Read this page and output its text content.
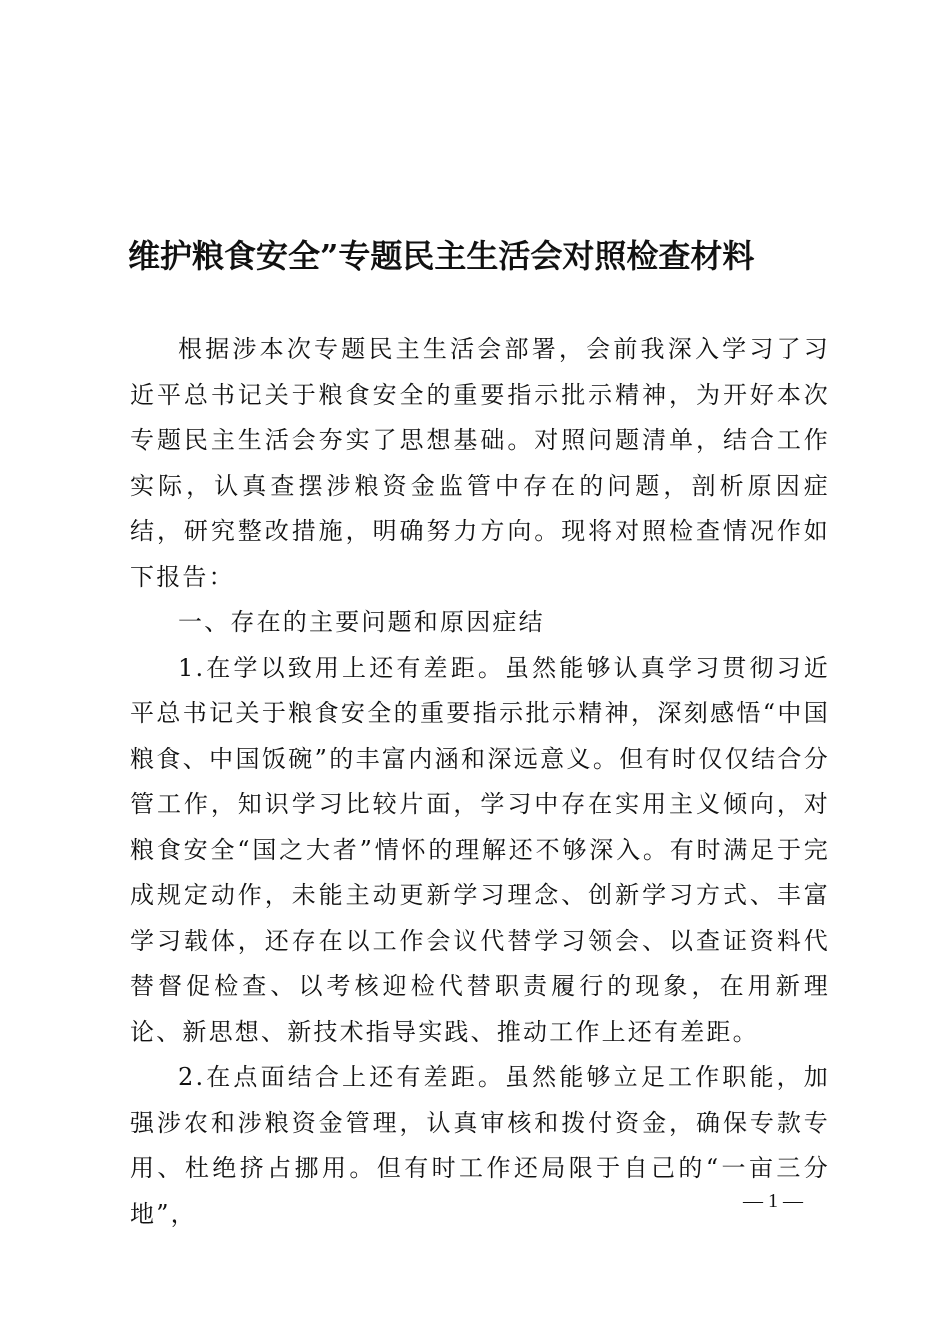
维护粮食安全”专题民主生活会对照检查材料

根据涉本次专题民主生活会部署，会前我深入学习了习近平总书记关于粮食安全的重要指示批示精神，为开好本次专题民主生活会夯实了思想基础。对照问题清单，结合工作实际，认真查摆涉粮资金监管中存在的问题，剖析原因症结，研究整改措施，明确努力方向。现将对照检查情况作如下报告：

一、存在的主要问题和原因症结

1.在学以致用上还有差距。虽然能够认真学习贯彻习近平总书记关于粮食安全的重要指示批示精神，深刻感悟“中国粮食、中国饭碗”的丰富内涵和深远意义。但有时仅仅结合分管工作，知识学习比较片面，学习中存在实用主义倾向，对粮食安全“国之大者”情怀的理解还不够深入。有时满足于完成规定动作，未能主动更新学习理念、创新学习方式、丰富学习载体，还存在以工作会议代替学习领会、以查证资料代替督促检查、以考核迎检代替职责履行的现象，在用新理论、新思想、新技术指导实践、推动工作上还有差距。

2.在点面结合上还有差距。虽然能够立足工作职能，加强涉农和涉粮资金管理，认真审核和拨付资金，确保专款专用、杜绝挤占挪用。但有时工作还局限于自己的“一亩三分地”，	— 1 —
